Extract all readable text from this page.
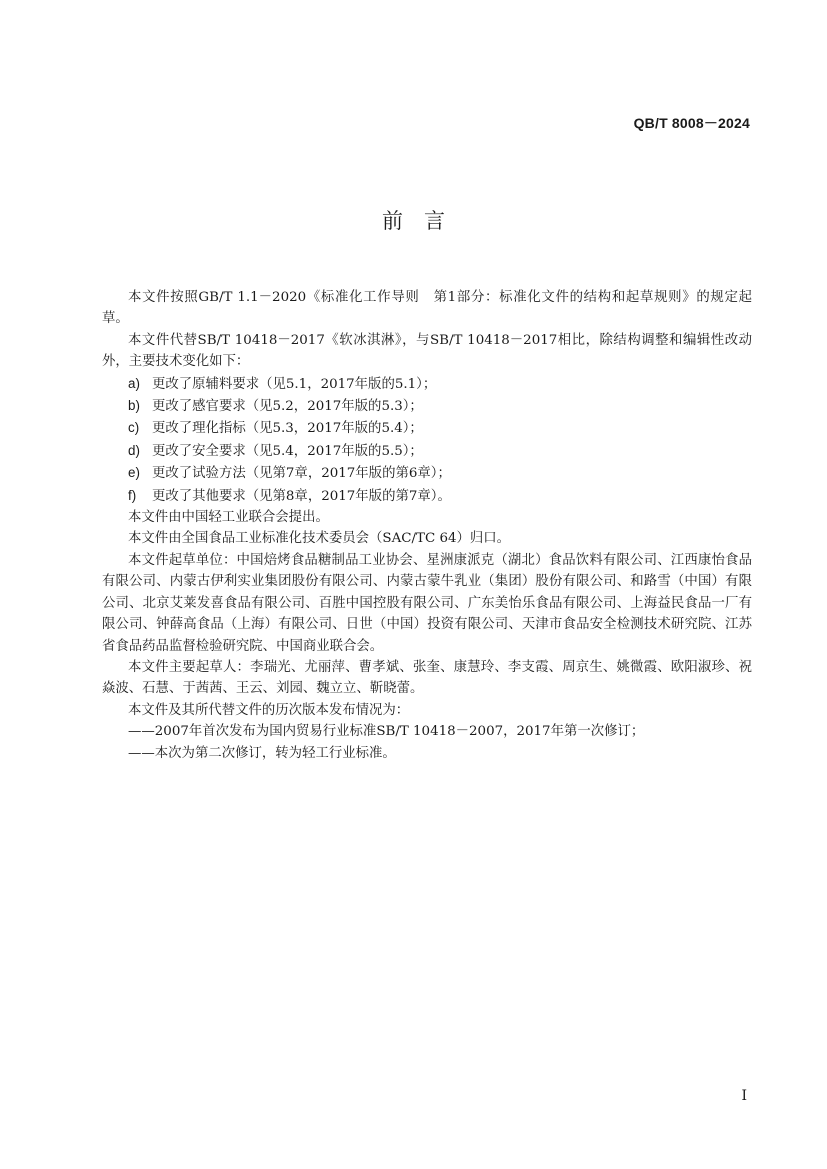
QB/T 8008－2024
前　言

本文件按照GB/T 1.1－2020《标准化工作导则　第1部分：标准化文件的结构和起草规则》的规定起草。

本文件代替SB/T 10418－2017《软冰淇淋》，与SB/T 10418－2017相比，除结构调整和编辑性改动外，主要技术变化如下：

a) 更改了原辅料要求（见5.1，2017年版的5.1）；

b) 更改了感官要求（见5.2，2017年版的5.3）；

c) 更改了理化指标（见5.3，2017年版的5.4）；

d) 更改了安全要求（见5.4，2017年版的5.5）；

e) 更改了试验方法（见第7章，2017年版的第6章）；

f) 更改了其他要求（见第8章，2017年版的第7章）。

本文件由中国轻工业联合会提出。

本文件由全国食品工业标准化技术委员会（SAC/TC 64）归口。

本文件起草单位：中国焙烤食品糖制品工业协会、星洲康派克（湖北）食品饮料有限公司、江西康怡食品有限公司、内蒙古伊利实业集团股份有限公司、内蒙古蒙牛乳业（集团）股份有限公司、和路雪（中国）有限公司、北京艾莱发喜食品有限公司、百胜中国控股有限公司、广东美怡乐食品有限公司、上海益民食品一厂有限公司、钟薛高食品（上海）有限公司、日世（中国）投资有限公司、天津市食品安全检测技术研究院、江苏省食品药品监督检验研究院、中国商业联合会。

本文件主要起草人：李瑞光、尤丽萍、曹孝斌、张奎、康慧玲、李支霞、周京生、姚微霞、欧阳淑珍、祝焱波、石慧、于茜茜、王云、刘园、魏立立、靳晓蕾。

本文件及其所代替文件的历次版本发布情况为：

——2007年首次发布为国内贸易行业标准SB/T 10418－2007，2017年第一次修订；

——本次为第二次修订，转为轻工行业标准。

I
